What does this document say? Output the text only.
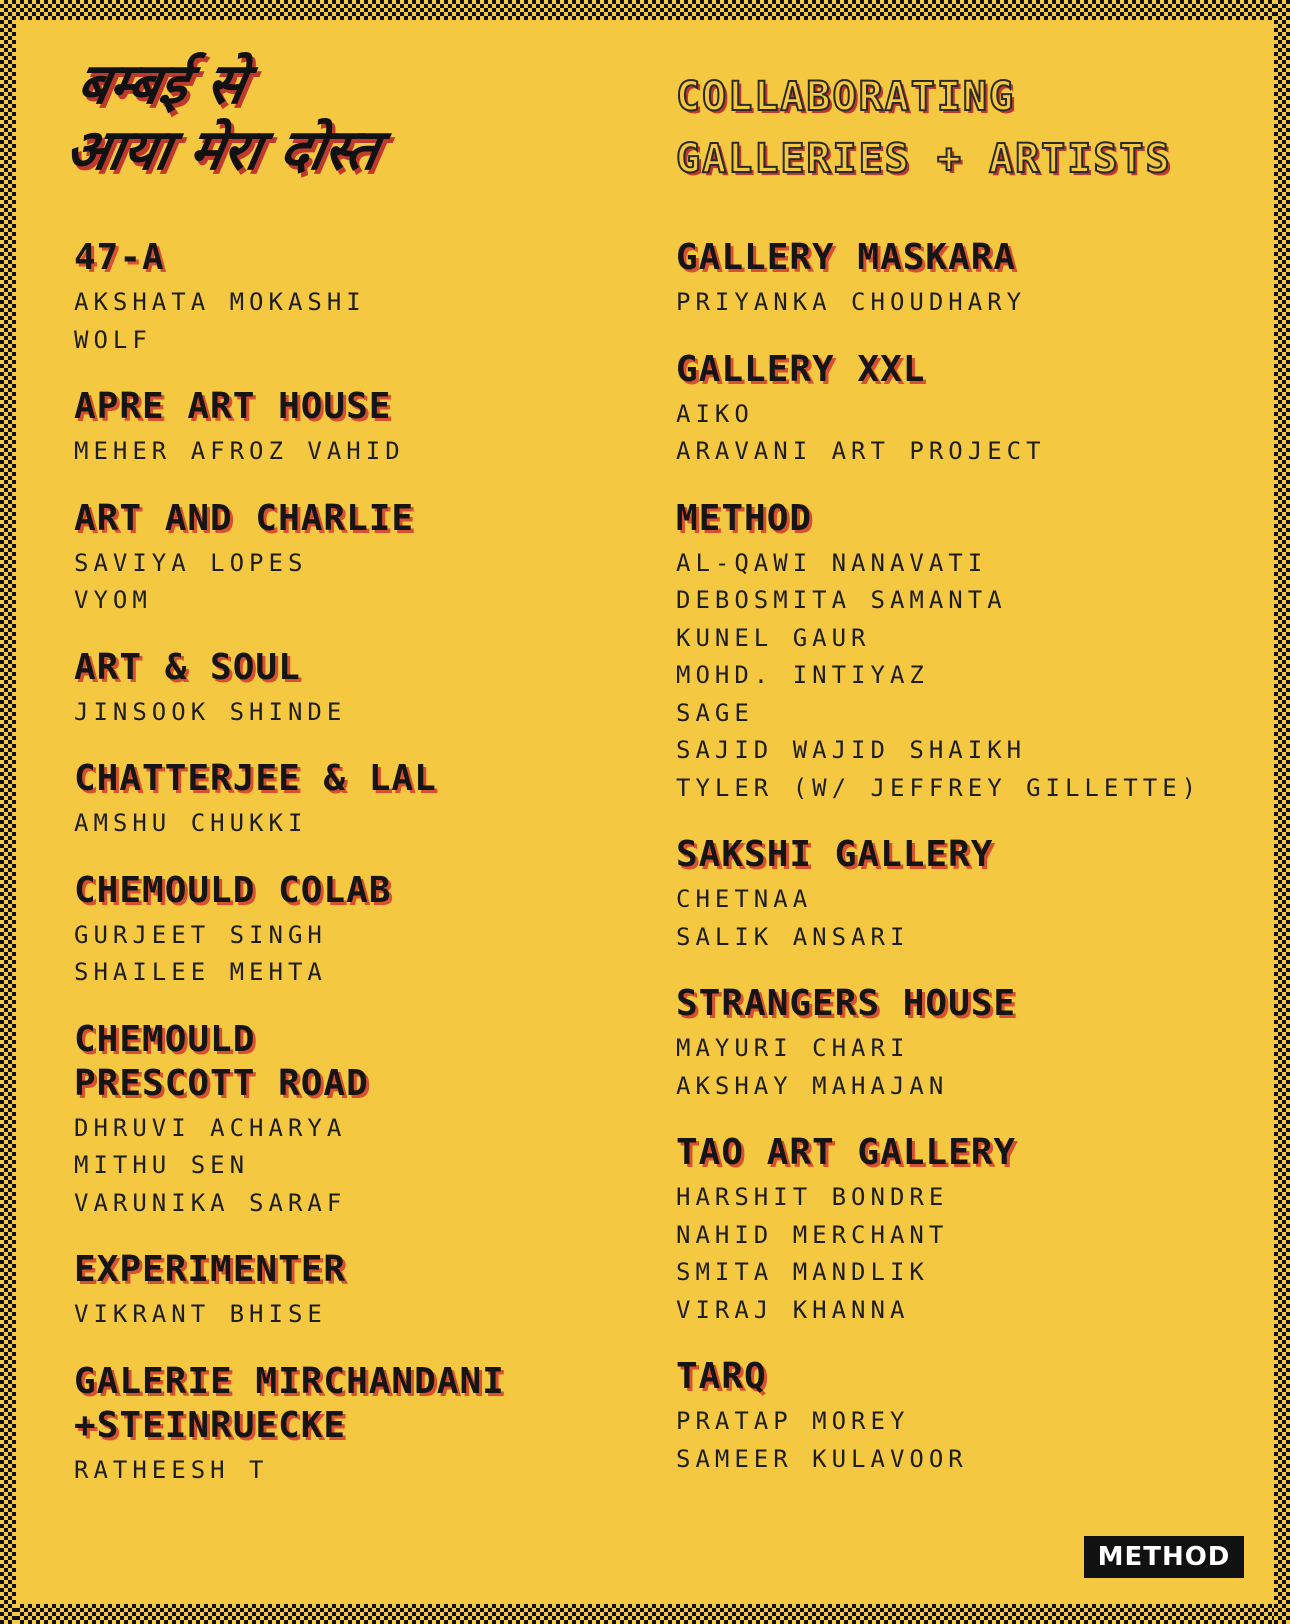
बम्बई से
आया मेरा दोस्त
COLLABORATING
GALLERIES + ARTISTS
47-A
AKSHATA MOKASHI
WOLF
APRE ART HOUSE
MEHER AFROZ VAHID
ART AND CHARLIE
SAVIYA LOPES
VYOM
ART & SOUL
JINSOOK SHINDE
CHATTERJEE & LAL
AMSHU CHUKKI
CHEMOULD COLAB
GURJEET SINGH
SHAILEE MEHTA
CHEMOULD
PRESCOTT ROAD
DHRUVI ACHARYA
MITHU SEN
VARUNIKA SARAF
EXPERIMENTER
VIKRANT BHISE
GALERIE MIRCHANDANI
+STEINRUECKE
RATHEESH T
GALLERY MASKARA
PRIYANKA CHOUDHARY
GALLERY XXL
AIKO
ARAVANI ART PROJECT
METHOD
AL-QAWI NANAVATI
DEBOSMITA SAMANTA
KUNEL GAUR
MOHD. INTIYAZ
SAGE
SAJID WAJID SHAIKH
TYLER (W/ JEFFREY GILLETTE)
SAKSHI GALLERY
CHETNAA
SALIK ANSARI
STRANGERS HOUSE
MAYURI CHARI
AKSHAY MAHAJAN
TAO ART GALLERY
HARSHIT BONDRE
NAHID MERCHANT
SMITA MANDLIK
VIRAJ KHANNA
TARQ
PRATAP MOREY
SAMEER KULAVOOR
METHOD
